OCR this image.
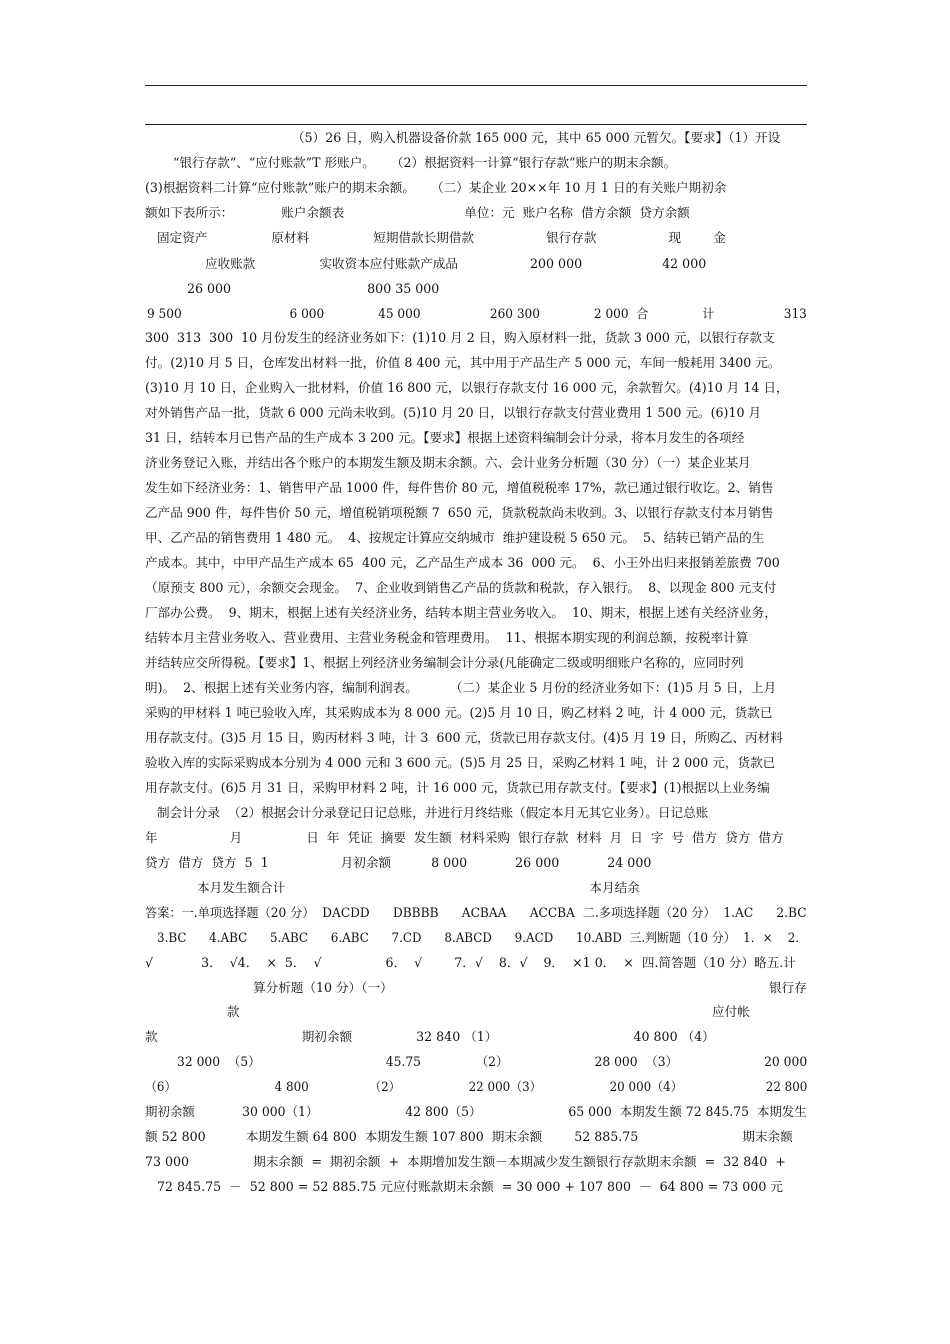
（5）26 日，购入机器设备价款 165 000 元，其中 65 000 元暂欠。【要求】（1）开设
“银行存款”、“应付账款”T 形账户。    （2）根据资料一计算“银行存款”账户的期末余额。
(3)根据资料二计算“应付账款”账户的期末余额。    （二）某企业 20××年 10 月 1 日的有关账户期初余
额如下表所示：            账户余额表                              单位：元  账户名称  借方余额  贷方余额
固定资产                原材料                短期借款长期借款                  银行存款                  现        金
应收账款                实收资本应付账款产成品                  200 000                    42 000
26 000                                  800 35 000
9 500                            6 000              45 000                  260 300              2 000  合              计                  313
300  313  300  10 月份发生的经济业务如下：(1)10 月 2 日，购入原材料一批，货款 3 000 元，以银行存款支
付。(2)10 月 5 日，仓库发出材料一批，价值 8 400 元，其中用于产品生产 5 000 元，车间一般耗用 3400 元。
(3)10 月 10 日，企业购入一批材料，价值 16 800 元，以银行存款支付 16 000 元，余款暂欠。(4)10 月 14 日，
对外销售产品一批，货款 6 000 元尚未收到。(5)10 月 20 日，以银行存款支付营业费用 1 500 元。(6)10 月
31 日，结转本月已售产品的生产成本 3 200 元。【要求】根据上述资料编制会计分录，将本月发生的各项经
济业务登记入账，并结出各个账户的本期发生额及期末余额。六、会计业务分析题（30 分）（一）某企业某月
发生如下经济业务：1、销售甲产品 1000 件，每件售价 80 元，增值税税率 17%，款已通过银行收讫。2、销售
乙产品 900 件，每件售价 50 元，增值税销项税额 7  650 元，货款税款尚未收到。3、以银行存款支付本月销售
甲、乙产品的销售费用 1 480 元。  4、按规定计算应交纳城市  维护建设税 5 650 元。  5、结转已销产品的生
产成本。其中，中甲产品生产成本 65  400 元，乙产品生产成本 36  000 元。  6、小王外出归来报销差旅费 700
（原预支 800 元），余额交会现金。  7、企业收到销售乙产品的货款和税款，存入银行。  8、以现金 800 元支付
厂部办公费。  9、期末，根据上述有关经济业务，结转本期主营业务收入。  10、期末，根据上述有关经济业务，
结转本月主营业务收入、营业费用、主营业务税金和管理费用。  11、根据本期实现的利润总额，按税率计算
并结转应交所得税。【要求】1、根据上列经济业务编制会计分录(凡能确定二级或明细账户名称的，应同时列
明)。  2、根据上述有关业务内容，编制利润表。        （二）某企业 5 月份的经济业务如下：(1)5 月 5 日，上月
采购的甲材料 1 吨已验收入库，其采购成本为 8 000 元。(2)5 月 10 日，购乙材料 2 吨，计 4 000 元，货款已
用存款支付。(3)5 月 15 日，购丙材料 3 吨，计 3  600 元，货款已用存款支付。(4)5 月 19 日，所购乙、丙材料
验收入库的实际采购成本分别为 4 000 元和 3 600 元。(5)5 月 25 日，采购乙材料 1 吨，计 2 000 元，货款已
用存款支付。(6)5 月 31 日，采购甲材料 2 吨，计 16 000 元，货款已用存款支付。【要求】(1)根据以上业务编
制会计分录  （2）根据会计分录登记日记总账，并进行月终结账（假定本月无其它业务）。日记总账
年                  月                日  年  凭证  摘要  发生额  材料采购  银行存款  材料  月  日  字  号  借方  贷方  借方
贷方  借方  贷方  5  1                  月初余额          8 000            26 000            24 000
本月发生额合计                                                                            本月结余
答案：一.单项选择题（20 分）  DACDD      DBBBB      ACBAA      ACCBA  二.多项选择题（20 分）  1.AC      2.BC
3.BC      4.ABC      5.ABC      6.ABC      7.CD      8.ABCD      9.ACD      10.ABD  三.判断题（10 分）  1．×    2．
√            3．  √4．  ×  5．  √                6．  √        7．√    8．√    9．  ×1 0．  ×  四.简答题（10 分）略五.计
算分析题（10 分）（一）                                                                                              银行存
款                                                                                                                      应付帐
款                                    期初余额                32 840 （1）                                  40 800 （4）
32 000  （5）                                45.75              （2）                      28 000  （3）                      20 000
（6）                          4 800                （2）                  22 000（3）                  20 000（4）                      22 800
期初余额            30 000（1）                      42 800（5）                      65 000  本期发生额 72 845.75  本期发生
额 52 800          本期发生额 64 800  本期发生额 107 800  期末余额        52 885.75                          期末余额
73 000                期末余额  =  期初余额  +  本期增加发生额－本期减少发生额银行存款期末余额  =  32 840  +
72 845.75  －  52 800 = 52 885.75 元应付账款期末余额  = 30 000 + 107 800  －  64 800 = 73 000 元
